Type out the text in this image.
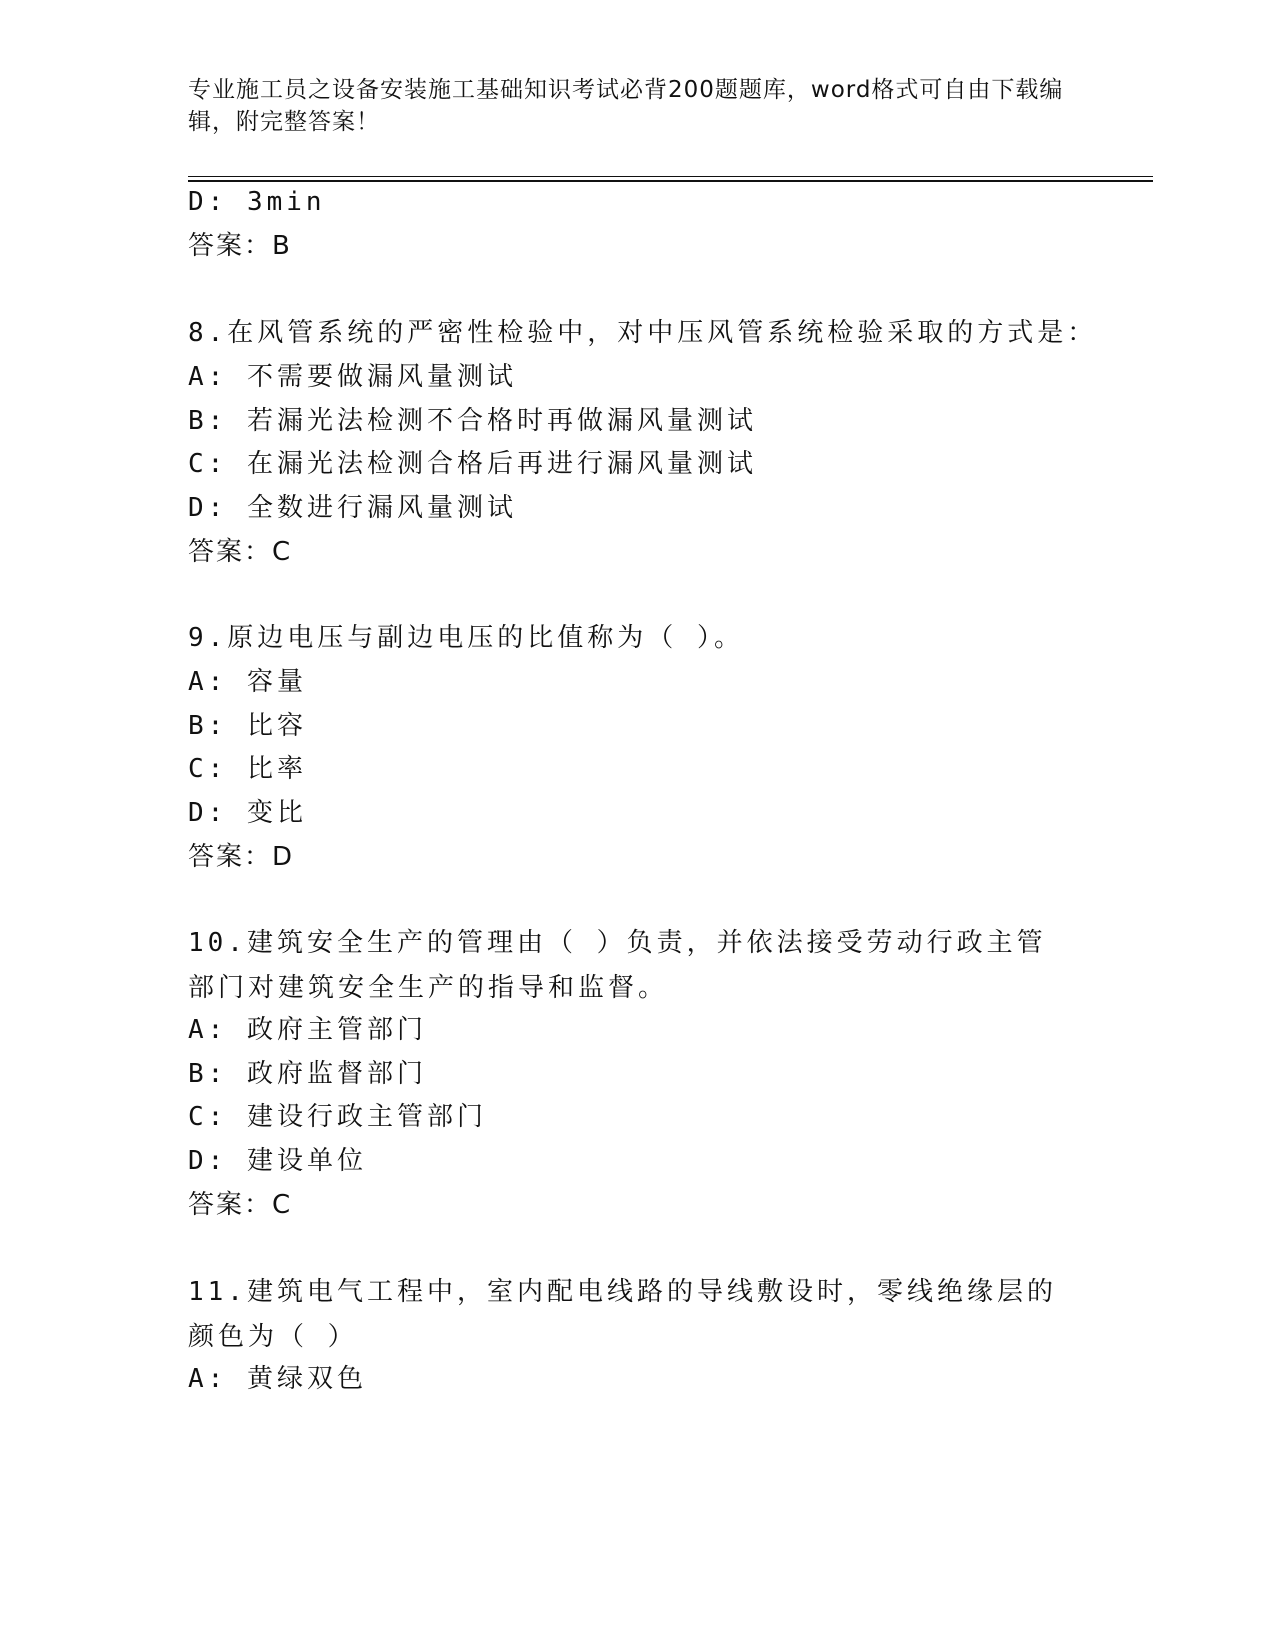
专业施工员之设备安装施工基础知识考试必背200题题库，word格式可自由下载编辑，附完整答案！
D: 3min
答案：B
8.在风管系统的严密性检验中，对中压风管系统检验采取的方式是：
A: 不需要做漏风量测试
B: 若漏光法检测不合格时再做漏风量测试
C: 在漏光法检测合格后再进行漏风量测试
D: 全数进行漏风量测试
答案：C
9.原边电压与副边电压的比值称为（ ）。
A: 容量
B: 比容
C: 比率
D: 变比
答案：D
10.建筑安全生产的管理由（ ）负责，并依法接受劳动行政主管部门对建筑安全生产的指导和监督。
A: 政府主管部门
B: 政府监督部门
C: 建设行政主管部门
D: 建设单位
答案：C
11.建筑电气工程中，室内配电线路的导线敷设时，零线绝缘层的颜色为（ ）
A: 黄绿双色
